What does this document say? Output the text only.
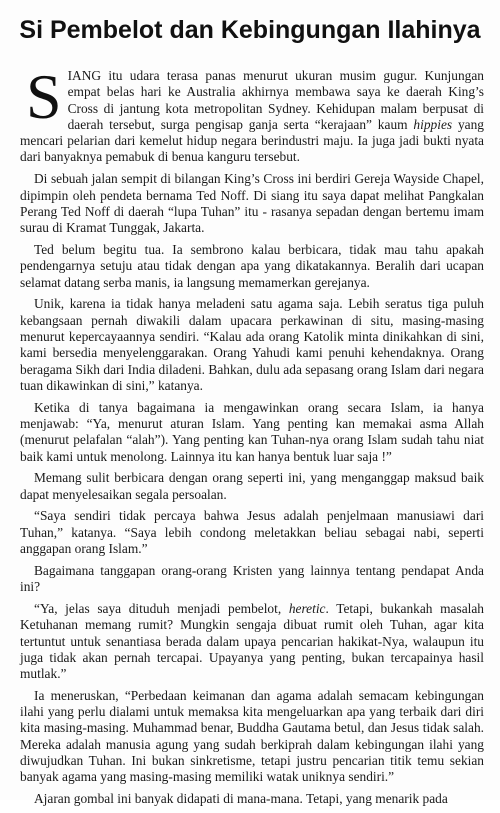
Si Pembelot dan Kebingungan Ilahinya

S IANG itu udara terasa panas menurut ukuran musim gugur. Kunjungan empat belas hari ke Australia akhirnya membawa saya ke daerah King’s Cross di jantung kota metropolitan Sydney. Kehidupan malam berpusat di daerah tersebut, surga pengisap ganja serta “kerajaan” kaum hippies yang mencari pelarian dari kemelut hidup negara berindustri maju. Ia juga jadi bukti nyata dari banyaknya pemabuk di benua kanguru tersebut.

Di sebuah jalan sempit di bilangan King’s Cross ini berdiri Gereja Wayside Chapel, dipimpin oleh pendeta bernama Ted Noff. Di siang itu saya dapat melihat Pangkalan Perang Ted Noff di daerah “lupa Tuhan” itu - rasanya sepadan dengan bertemu imam surau di Kramat Tunggak, Jakarta.

Ted belum begitu tua. Ia sembrono kalau berbicara, tidak mau tahu apakah pendengarnya setuju atau tidak dengan apa yang dikatakannya. Beralih dari ucapan selamat datang serba manis, ia langsung memamerkan gerejanya.

Unik, karena ia tidak hanya meladeni satu agama saja. Lebih seratus tiga puluh kebangsaan pernah diwakili dalam upacara perkawinan di situ, masing-masing menurut kepercayaannya sendiri. “Kalau ada orang Katolik minta dinikahkan di sini, kami bersedia menyelenggarakan. Orang Yahudi kami penuhi kehendaknya. Orang beragama Sikh dari India diladeni. Bahkan, dulu ada sepasang orang Islam dari negara tuan dikawinkan di sini,” katanya.

Ketika di tanya bagaimana ia mengawinkan orang secara Islam, ia hanya menjawab: “Ya, menurut aturan Islam. Yang penting kan memakai asma Allah (menurut pelafalan “alah”). Yang penting kan Tuhan-nya orang Islam sudah tahu niat baik kami untuk menolong. Lainnya itu kan hanya bentuk luar saja !”

Memang sulit berbicara dengan orang seperti ini, yang menganggap maksud baik dapat menyelesaikan segala persoalan.

“Saya sendiri tidak percaya bahwa Jesus adalah penjelmaan manusiawi dari Tuhan,” katanya. “Saya lebih condong meletakkan beliau sebagai nabi, seperti anggapan orang Islam.”

Bagaimana tanggapan orang-orang Kristen yang lainnya tentang pendapat Anda ini?

“Ya, jelas saya dituduh menjadi pembelot, heretic. Tetapi, bukankah masalah Ketuhanan memang rumit? Mungkin sengaja dibuat rumit oleh Tuhan, agar kita tertuntut untuk senantiasa berada dalam upaya pencarian hakikat-Nya, walaupun itu juga tidak akan pernah tercapai. Upayanya yang penting, bukan tercapainya hasil mutlak.”

Ia meneruskan, “Perbedaan keimanan dan agama adalah semacam kebingungan ilahi yang perlu dialami untuk memaksa kita mengeluarkan apa yang terbaik dari diri kita masing-masing. Muhammad benar, Buddha Gautama betul, dan Jesus tidak salah. Mereka adalah manusia agung yang sudah berkiprah dalam kebingungan ilahi yang diwujudkan Tuhan. Ini bukan sinkretisme, tetapi justru pencarian titik temu sekian banyak agama yang masing-masing memiliki watak uniknya sendiri.”

Ajaran gombal ini banyak didapati di mana-mana. Tetapi, yang menarik pada
